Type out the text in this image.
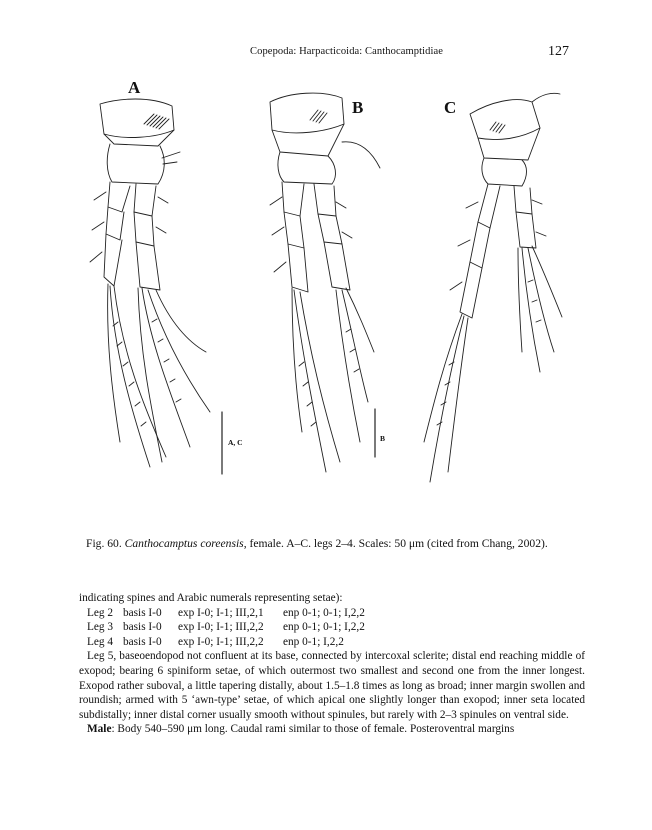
Copepoda: Harpacticoida: Canthocamptidiae	127
A
B	C
A, C	B
Fig. 60. Canthocamptus coreensis, female. A–C. legs 2–4. Scales: 50 μm (cited from Chang, 2002).

indicating spines and Arabic numerals representing setae):

Leg 2 basis I-0	exp I-0; I-1; III,2,1	enp 0-1; 0-1; I,2,2
Leg 3 basis I-0	exp I-0; I-1; III,2,2	enp 0-1; 0-1; I,2,2
Leg 4 basis I-0	exp I-0; I-1; III,2,2	enp 0-1; I,2,2

Leg 5, baseoendopod not confluent at its base, connected by intercoxal sclerite; distal end reaching middle of exopod; bearing 6 spiniform setae, of which outermost two smallest and second one from the inner longest. Exopod rather suboval, a little tapering distally, about 1.5–1.8 times as long as broad; inner margin swollen and roundish; armed with 5 ‘awn-type’ setae, of which apical one slightly longer than exopod; inner seta located subdistally; inner distal corner usually smooth without spinules, but rarely with 2–3 spinules on ventral side.

Male: Body 540–590 μm long. Caudal rami similar to those of female. Posteroventral margins
